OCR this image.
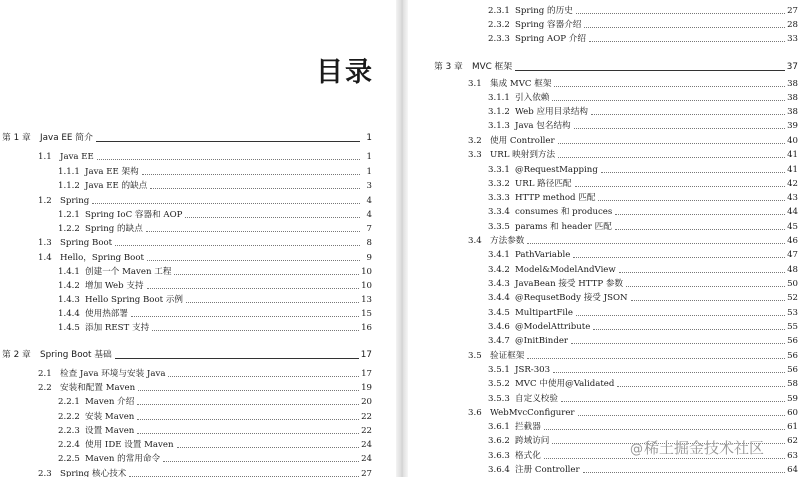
目录
第 1 章	Java EE 简介	1
1.1 Java EE	1
1.1.1 Java EE 架构	1
1.1.2 Java EE 的缺点	3
1.2 Spring	4
1.2.1 Spring IoC 容器和 AOP	4
1.2.2 Spring 的缺点	7
1.3 Spring Boot	8
1.4 Hello，Spring Boot	9
1.4.1 创建一个 Maven 工程	10
1.4.2 增加 Web 支持	10
1.4.3 Hello Spring Boot 示例	13
1.4.4 使用热部署	15
1.4.5 添加 REST 支持	16
第 2 章	Spring Boot 基础	17
2.1 检查 Java 环境与安装 Java	17
2.2 安装和配置 Maven	19
2.2.1 Maven 介绍	20
2.2.2 安装 Maven	22
2.2.3 设置 Maven	22
2.2.4 使用 IDE 设置 Maven	24
2.2.5 Maven 的常用命令	24
2.3 Spring 核心技术	27
2.3.1 Spring 的历史	27
2.3.2 Spring 容器介绍	28
2.3.3 Spring AOP 介绍	33
第 3 章	MVC 框架	37
3.1 集成 MVC 框架	38
3.1.1 引入依赖	38
3.1.2 Web 应用目录结构	38
3.1.3 Java 包名结构	39
3.2 使用 Controller	40
3.3 URL 映射到方法	41
3.3.1 @RequestMapping	41
3.3.2 URL 路径匹配	42
3.3.3 HTTP method 匹配	43
3.3.4 consumes 和 produces	44
3.3.5 params 和 header 匹配	45
3.4 方法参数	46
3.4.1 PathVariable	47
3.4.2 Model&ModelAndView	48
3.4.3 JavaBean 接受 HTTP 参数	50
3.4.4 @RequsetBody 接受 JSON	52
3.4.5 MultipartFile	53
3.4.6 @ModelAttribute	55
3.4.7 @InitBinder	56
3.5 验证框架	56
3.5.1 JSR-303	56
3.5.2 MVC 中使用@Validated	58
3.5.3 自定义校验	59
3.6 WebMvcConfigurer	60
3.6.1 拦截器	61
3.6.2 跨域访问	62
3.6.3 格式化	63
3.6.4 注册 Controller	64
@稀土掘金技术社区
